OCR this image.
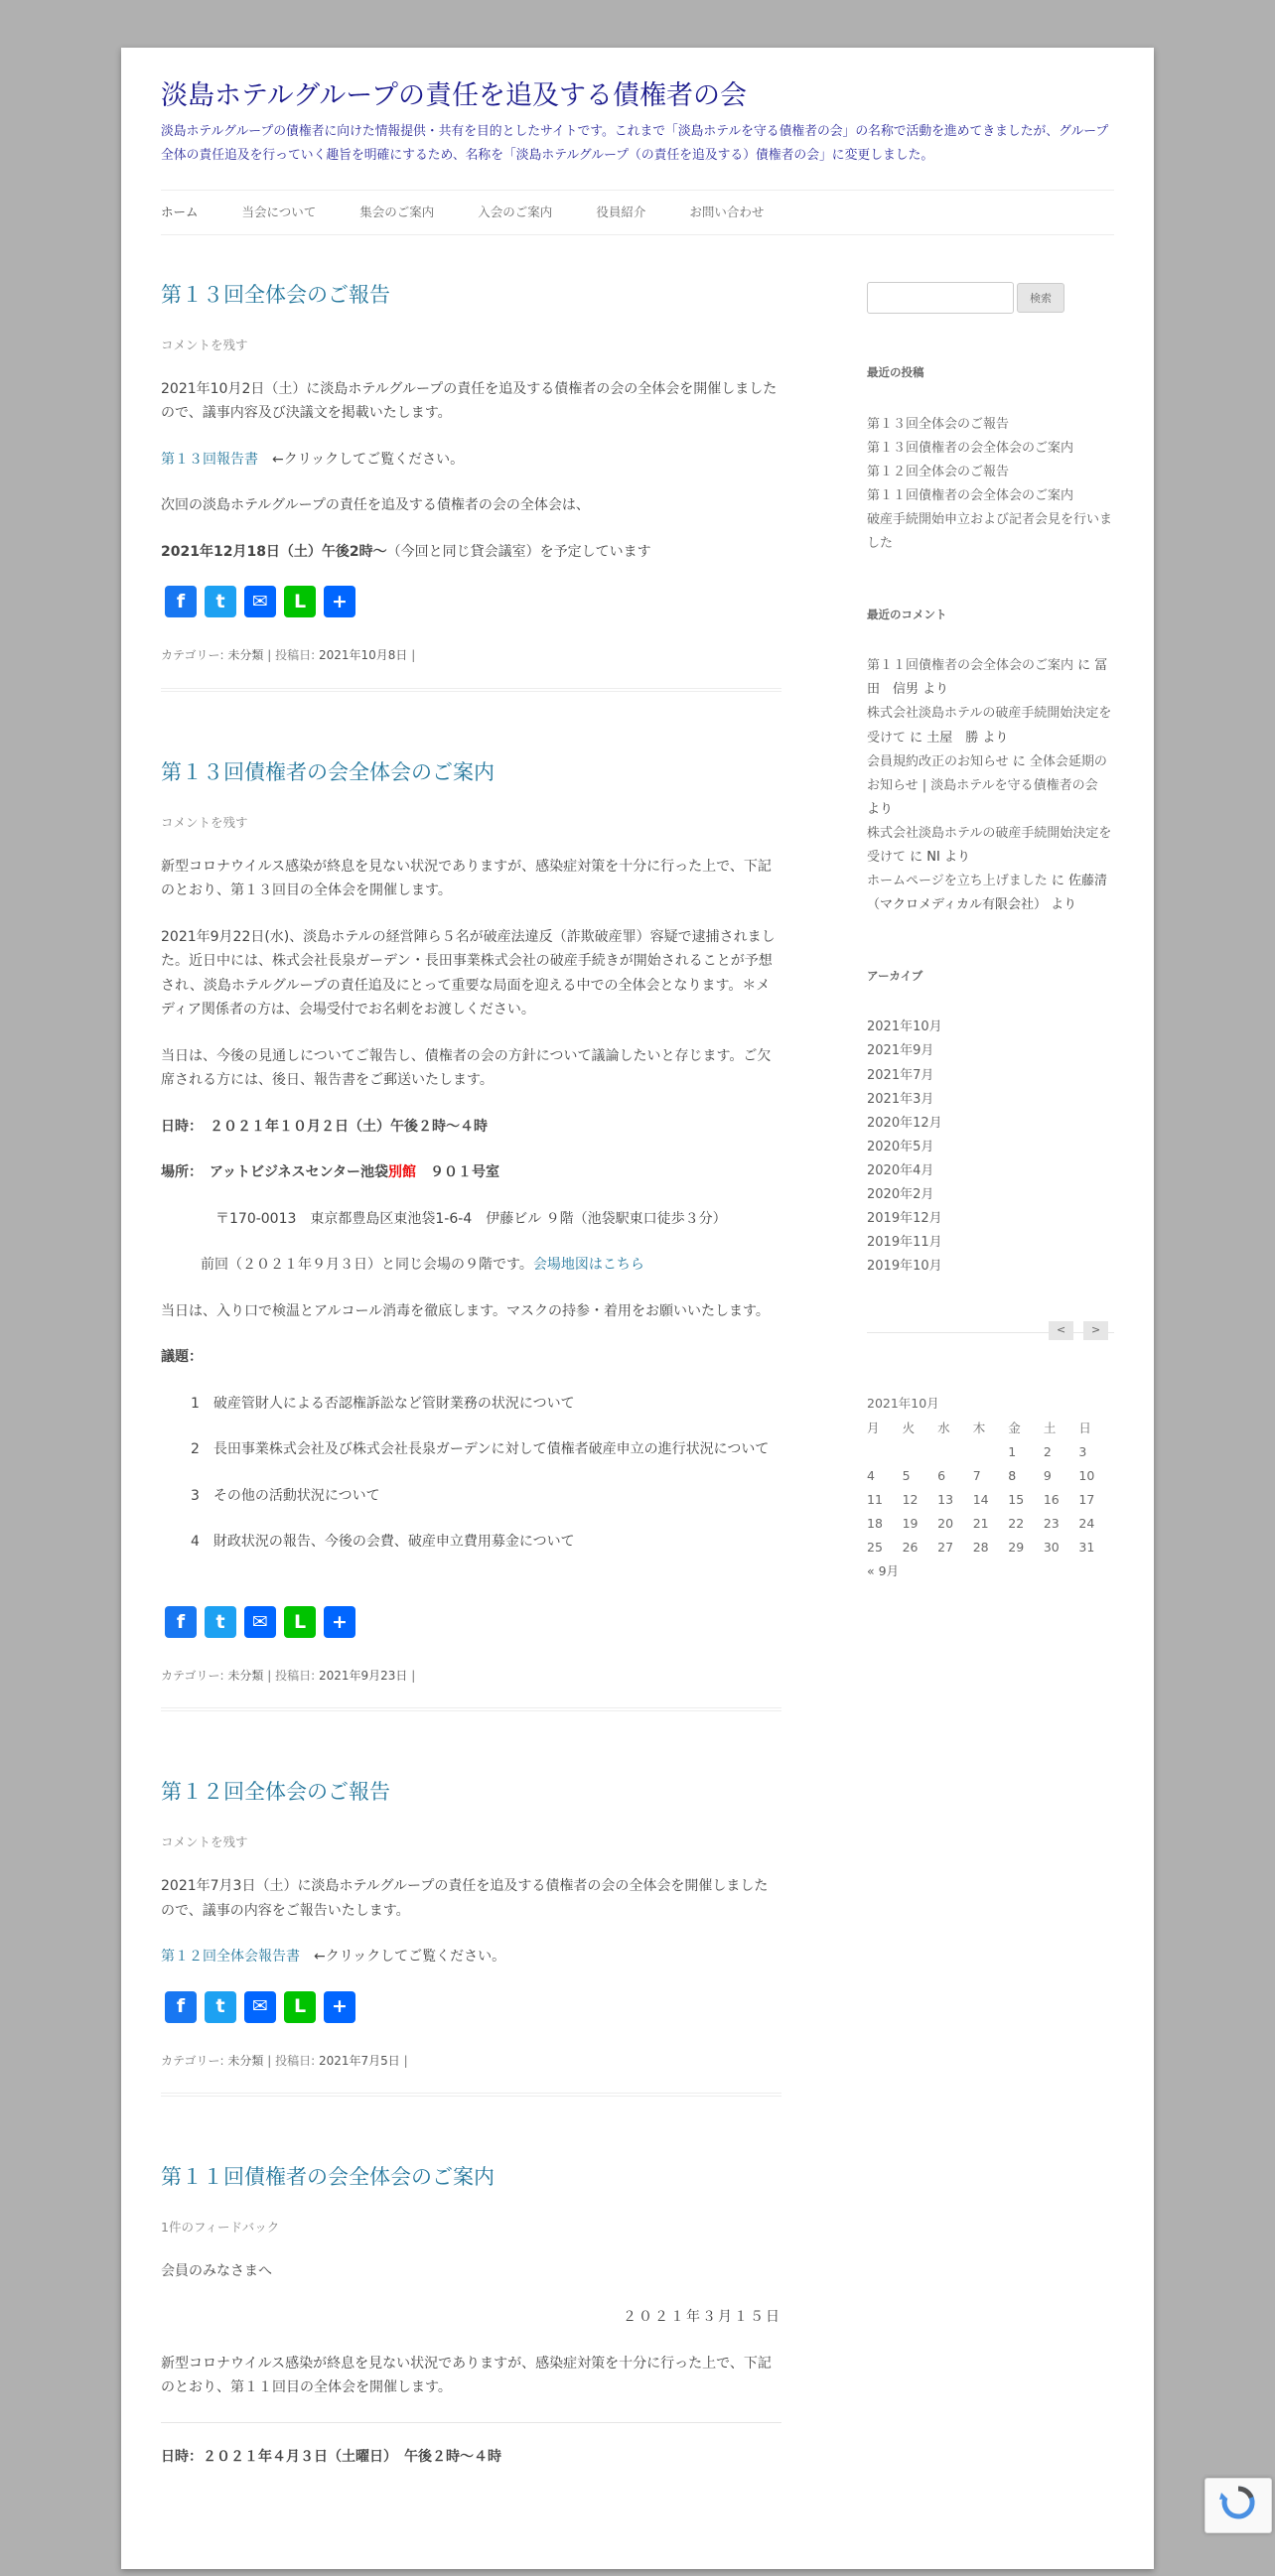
淡島ホテルグループの責任を追及する債権者の会

淡島ホテルグループの債権者に向けた情報提供・共有を目的としたサイトです。これまで「淡島ホテルを守る債権者の会」の名称で活動を進めてきましたが、グループ全体の責任追及を行っていく趣旨を明確にするため、名称を「淡島ホテルグループ（の責任を追及する）債権者の会」に変更しました。

ホーム	当会について	集会のご案内	入会のご案内	役員紹介	お問い合わせ
第１３回全体会のご報告
コメントを残す

2021年10月2日（土）に淡島ホテルグループの責任を追及する債権者の会の全体会を開催しましたので、議事内容及び決議文を掲載いたします。

第１３回報告書　←クリックしてご覧ください。

次回の淡島ホテルグループの責任を追及する債権者の会の全体会は、

2021年12月18日（土）午後2時～（今回と同じ貸会議室）を予定しています

f	t	✉	L	+
カテゴリー: 未分類 | 投稿日: 2021年10月8日 |
第１３回債権者の会全体会のご案内
コメントを残す

新型コロナウイルス感染が終息を見ない状況でありますが、感染症対策を十分に行った上で、下記のとおり、第１３回目の全体会を開催します。

2021年9月22日(水)、淡島ホテルの経営陣ら５名が破産法違反（詐欺破産罪）容疑で逮捕されました。近日中には、株式会社長泉ガーデン・長田事業株式会社の破産手続きが開始されることが予想され、淡島ホテルグループの責任追及にとって重要な局面を迎える中での全体会となります。＊メディア関係者の方は、会場受付でお名刺をお渡しください。

当日は、今後の見通しについてご報告し、債権者の会の方針について議論したいと存じます。ご欠席される方には、後日、報告書をご郵送いたします。

日時：　２０２１年１０月２日（土）午後２時～４時

場所：　アットビジネスセンター池袋別館　９０１号室

〒170-0013　東京都豊島区東池袋1-6-4　伊藤ビル ９階（池袋駅東口徒歩３分）

前回（２０２１年９月３日）と同じ会場の９階です。会場地図はこちら

当日は、入り口で検温とアルコール消毒を徹底します。マスクの持参・着用をお願いいたします。

議題：

1　破産管財人による否認権訴訟など管財業務の状況について

2　長田事業株式会社及び株式会社長泉ガーデンに対して債権者破産申立の進行状況について

3　その他の活動状況について

4　財政状況の報告、今後の会費、破産申立費用募金について

f	t	✉	L	+
カテゴリー: 未分類 | 投稿日: 2021年9月23日 |
第１２回全体会のご報告
コメントを残す

2021年7月3日（土）に淡島ホテルグループの責任を追及する債権者の会の全体会を開催しましたので、議事の内容をご報告いたします。

第１２回全体会報告書　←クリックしてご覧ください。

f	t	✉	L	+
カテゴリー: 未分類 | 投稿日: 2021年7月5日 |
第１１回債権者の会全体会のご案内
1件のフィードバック

会員のみなさまへ

２０２１年３月１５日

新型コロナウイルス感染が終息を見ない状況でありますが、感染症対策を十分に行った上で、下記のとおり、第１１回目の全体会を開催します。

日時：２０２１年４月３日（土曜日）　午後２時～４時

検索
最近の投稿
第１３回全体会のご報告
第１３回債権者の会全体会のご案内
第１２回全体会のご報告
第１１回債権者の会全体会のご案内
破産手続開始申立および記者会見を行いました
最近のコメント
第１１回債権者の会全体会のご案内 に 冨田　信男 より
株式会社淡島ホテルの破産手続開始決定を受けて に 土屋　勝 より
会員規約改正のお知らせ に 全体会延期のお知らせ | 淡島ホテルを守る債権者の会 より
株式会社淡島ホテルの破産手続開始決定を受けて に NI より
ホームページを立ち上げました に 佐藤清（マクロメディカル有限会社） より
アーカイブ
2021年10月
2021年9月
2021年7月
2021年3月
2020年12月
2020年5月
2020年4月
2020年2月
2019年12月
2019年11月
2019年10月
<	>
2021年10月
月	火	水	木	金	土	日
				1	2	3
4	5	6	7	8	9	10
11	12	13	14	15	16	17
18	19	20	21	22	23	24
25	26	27	28	29	30	31
« 9月
